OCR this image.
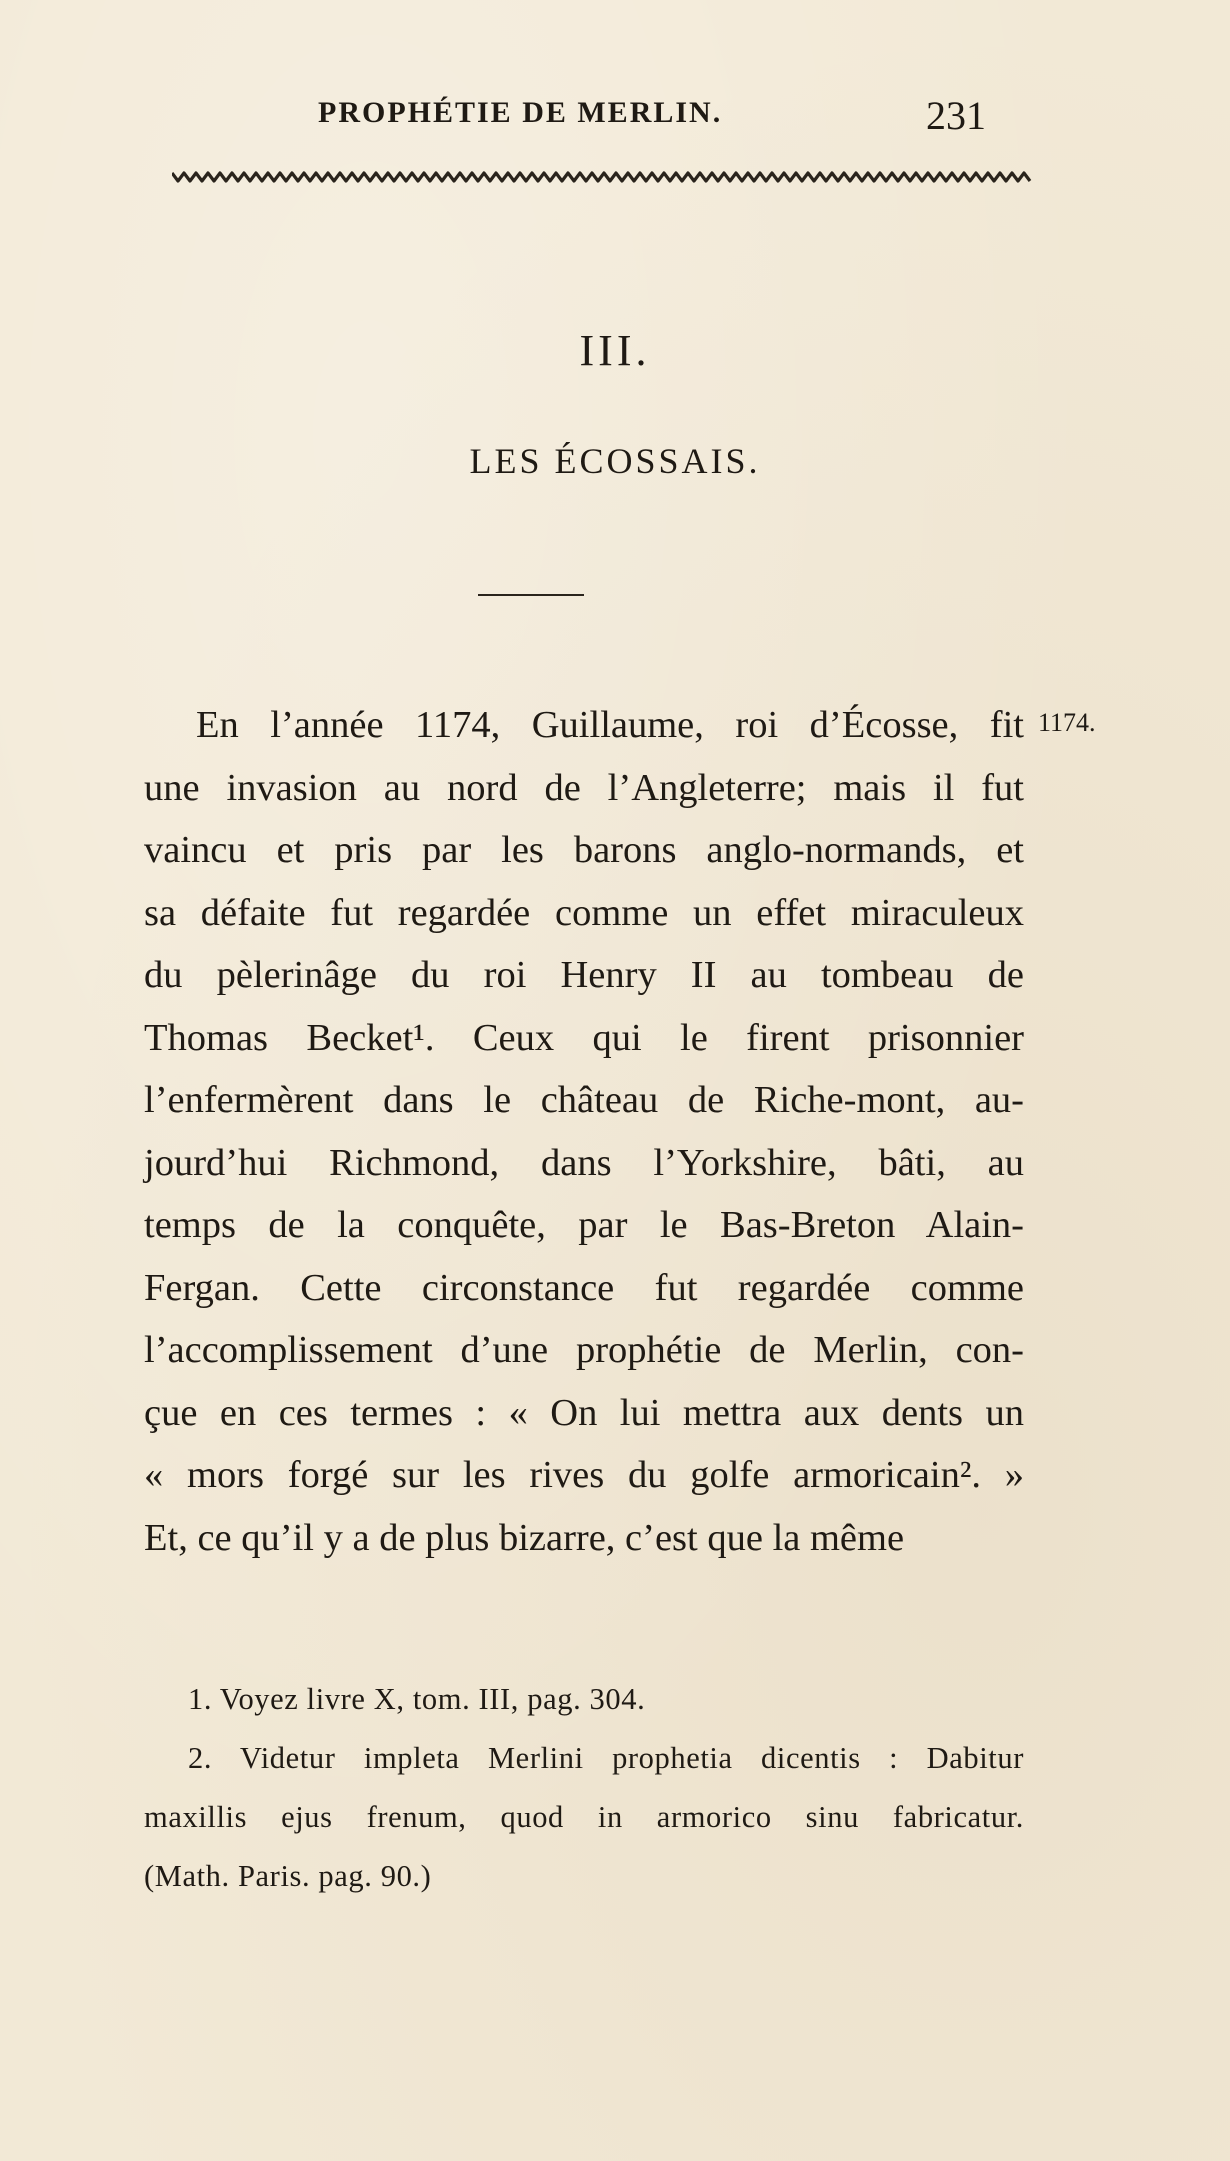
PROPHÉTIE DE MERLIN.	231
III.
LES ÉCOSSAIS.
1174.
En l’année 1174, Guillaume, roi d’Écosse, fit
une invasion au nord de l’Angleterre; mais il fut
vaincu et pris par les barons anglo-normands, et
sa défaite fut regardée comme un effet miraculeux
du pèlerinâge du roi Henry II au tombeau de
Thomas Becket¹. Ceux qui le firent prisonnier
l’enfermèrent dans le château de Riche-mont, au-
jourd’hui Richmond, dans l’Yorkshire, bâti, au
temps de la conquête, par le Bas-Breton Alain-
Fergan. Cette circonstance fut regardée comme
l’accomplissement d’une prophétie de Merlin, con-
çue en ces termes : « On lui mettra aux dents un
« mors forgé sur les rives du golfe armoricain². »
Et, ce qu’il y a de plus bizarre, c’est que la même
1. Voyez livre X, tom. III, pag. 304.
2. Videtur impleta Merlini prophetia dicentis : Dabitur
maxillis ejus frenum, quod in armorico sinu fabricatur.
(Math. Paris. pag. 90.)
